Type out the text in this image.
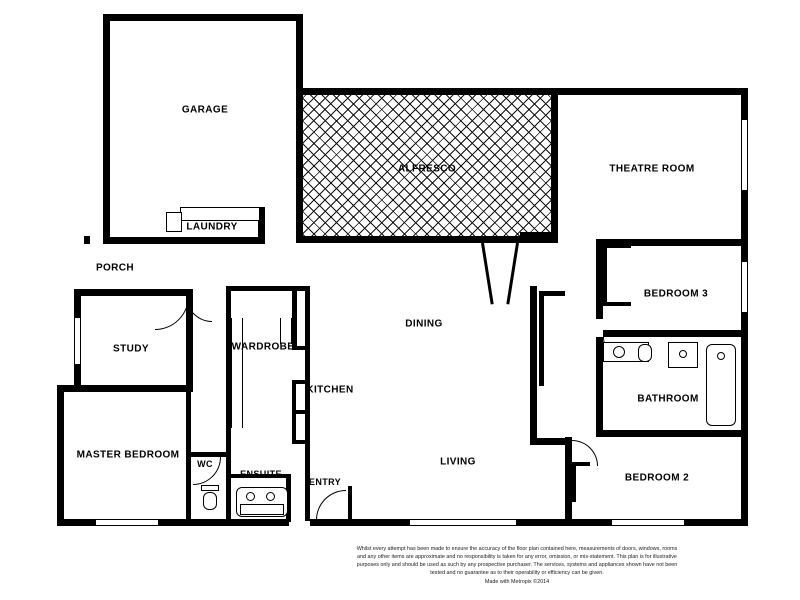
GARAGE
ALFRESCO	THEATRE ROOM
LAUNDRY
PORCH
BEDROOM 3
DINING
STUDY	WARDROBE
KITCHEN
BATHROOM
MASTER BEDROOM
LIVING
BEDROOM 2
WC
ENSUITE
ENTRY
Whilst every attempt has been made to ensure the accuracy of the floor plan contained here, measurements of doors, windows, rooms and any other items are approximate and no responsibility is taken for any error, omission, or mis-statement. This plan is for illustrative purposes only and should be used as such by any prospective purchaser. The services, systems and appliances shown have not been tested and no guarantee as to their operability or efficiency can be given.
Made with Metropix ©2014
